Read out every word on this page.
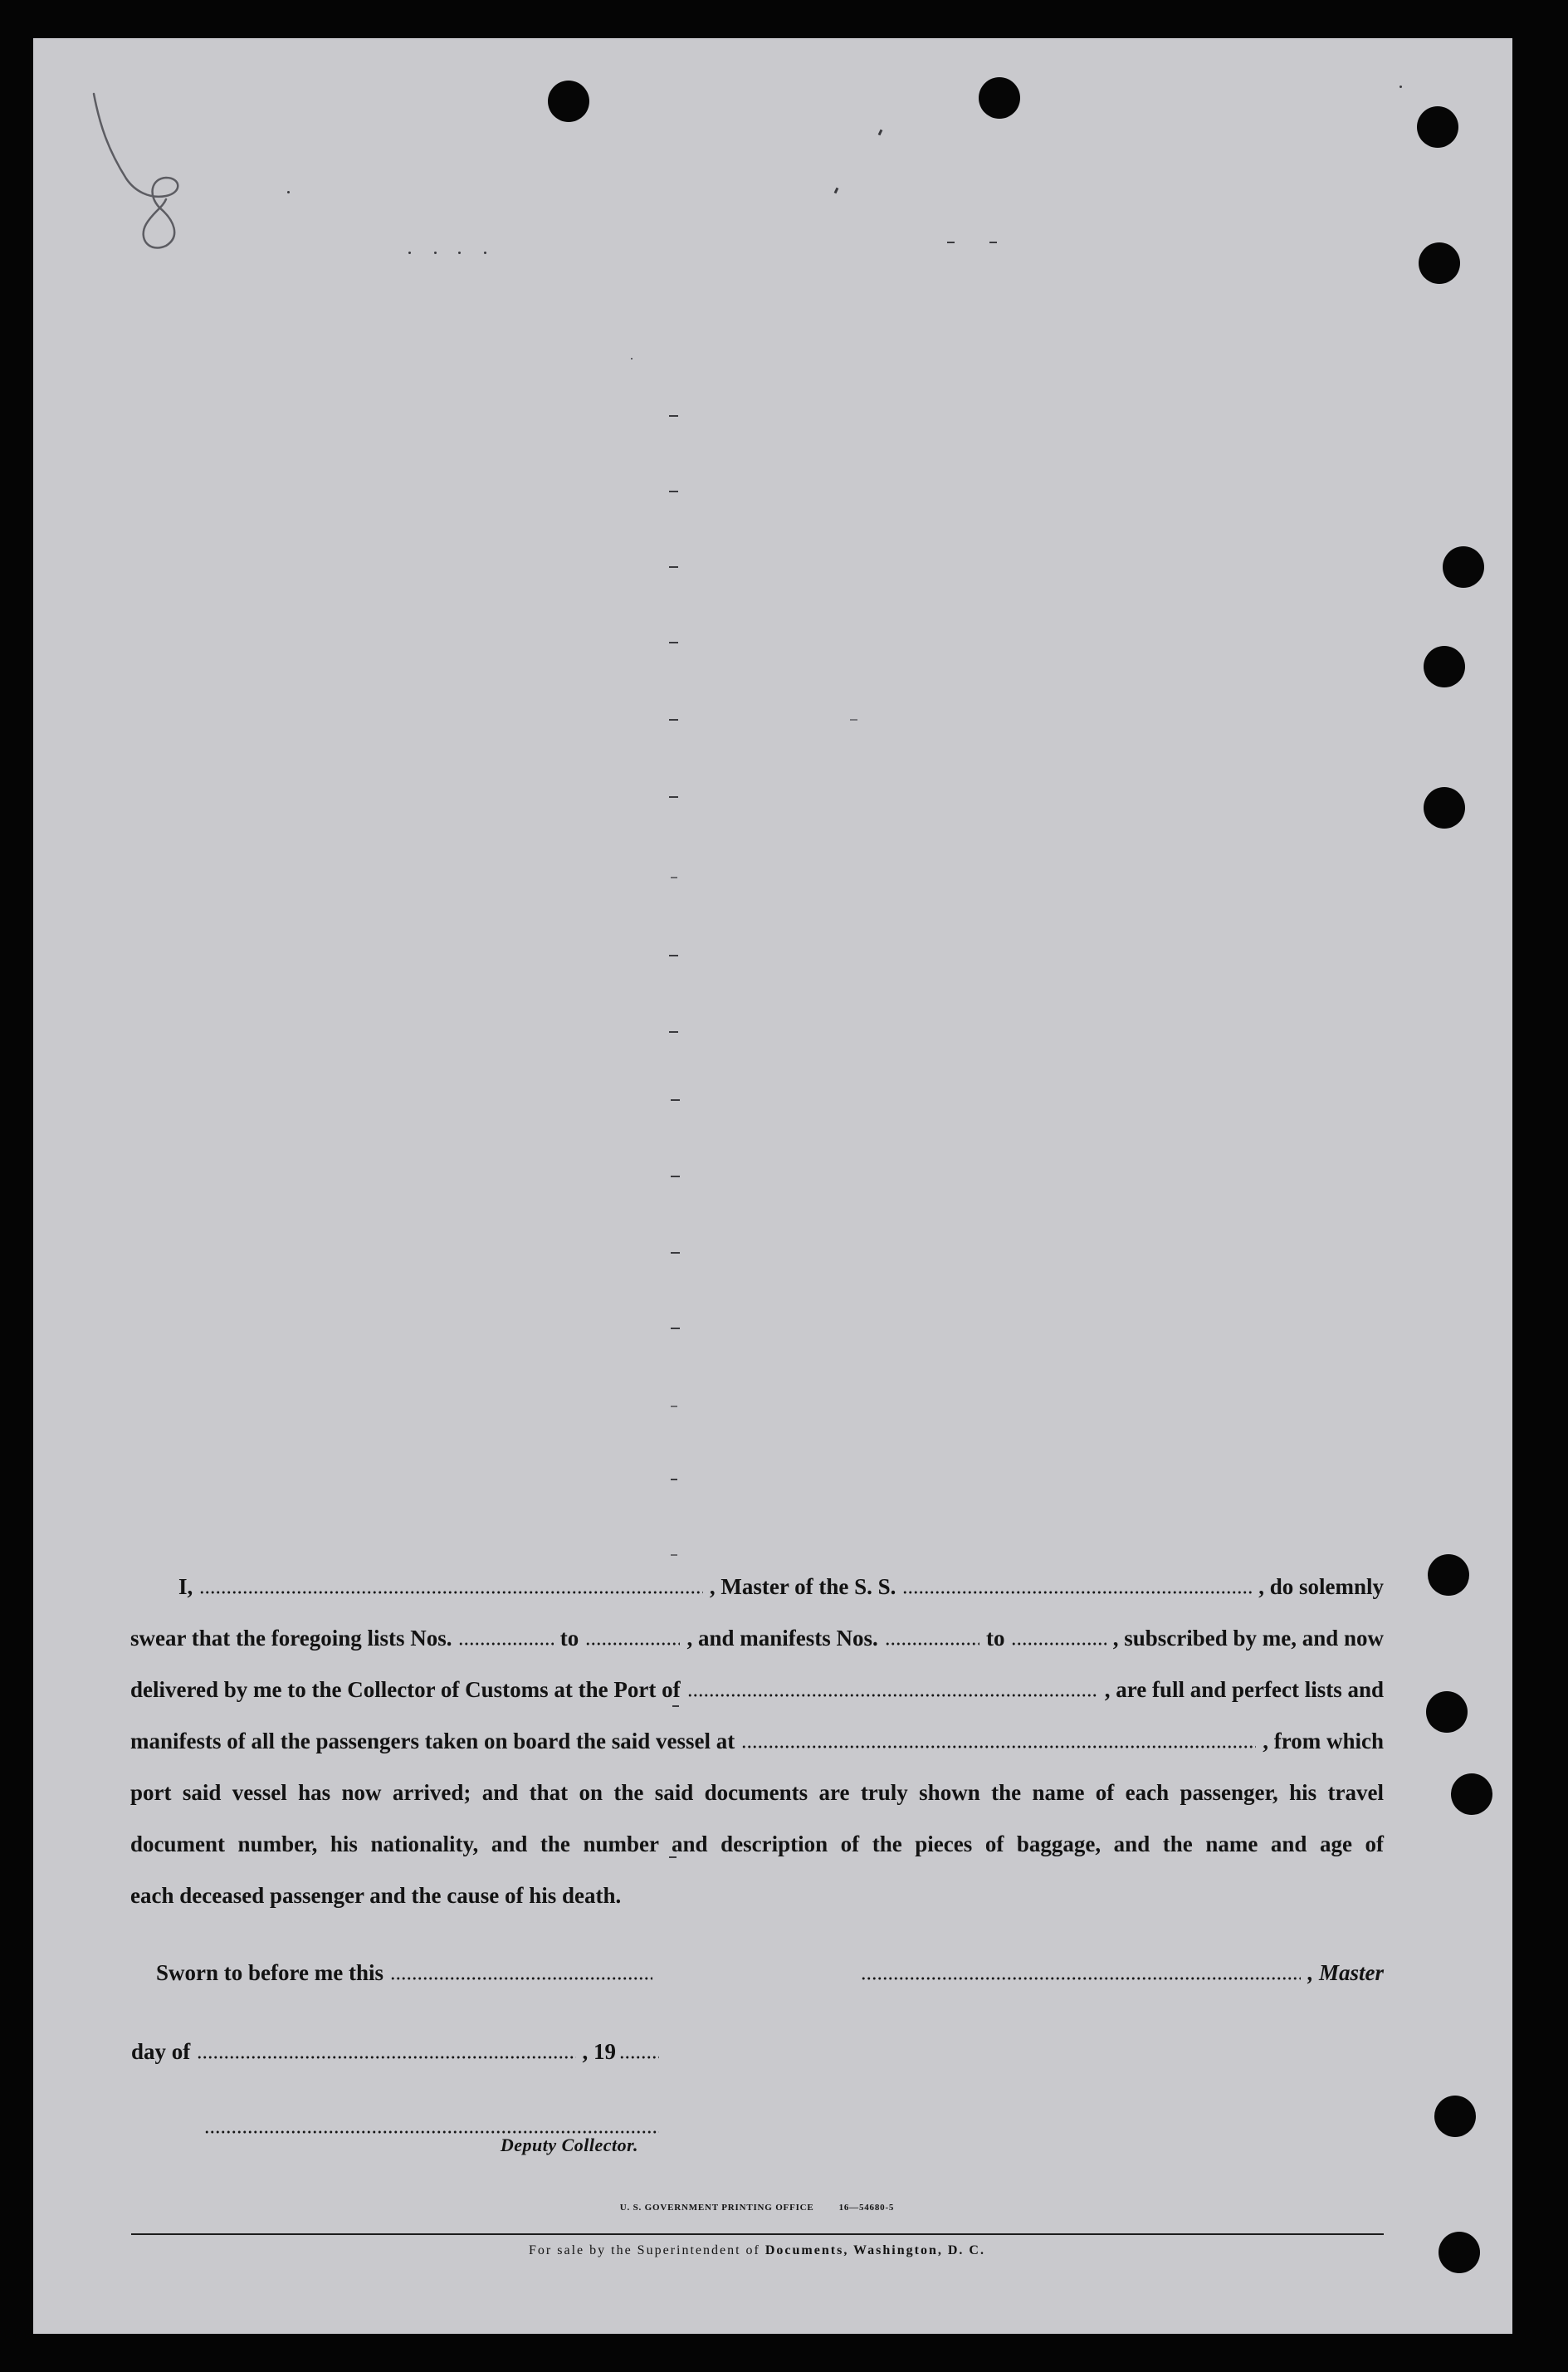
I,	, Master of the S. S.	, do solemnly
swear that the foregoing lists Nos.	to	, and manifests Nos.	to	, subscribed by me, and now
delivered by me to the Collector of Customs at the Port of	, are full and perfect lists and
manifests of all the passengers taken on board the said vessel at	, from which
port said vessel has now arrived; and that on the said documents are truly shown the name of each passenger, his travel
document number, his nationality, and the number and description of the pieces of baggage, and the name and age of
each deceased passenger and the cause of his death.
Sworn to before me this	, Master
day of	, 19
Deputy Collector.
U. S. GOVERNMENT PRINTING OFFICE	16—54680-5
For sale by the Superintendent of Documents, Washington, D. C.
